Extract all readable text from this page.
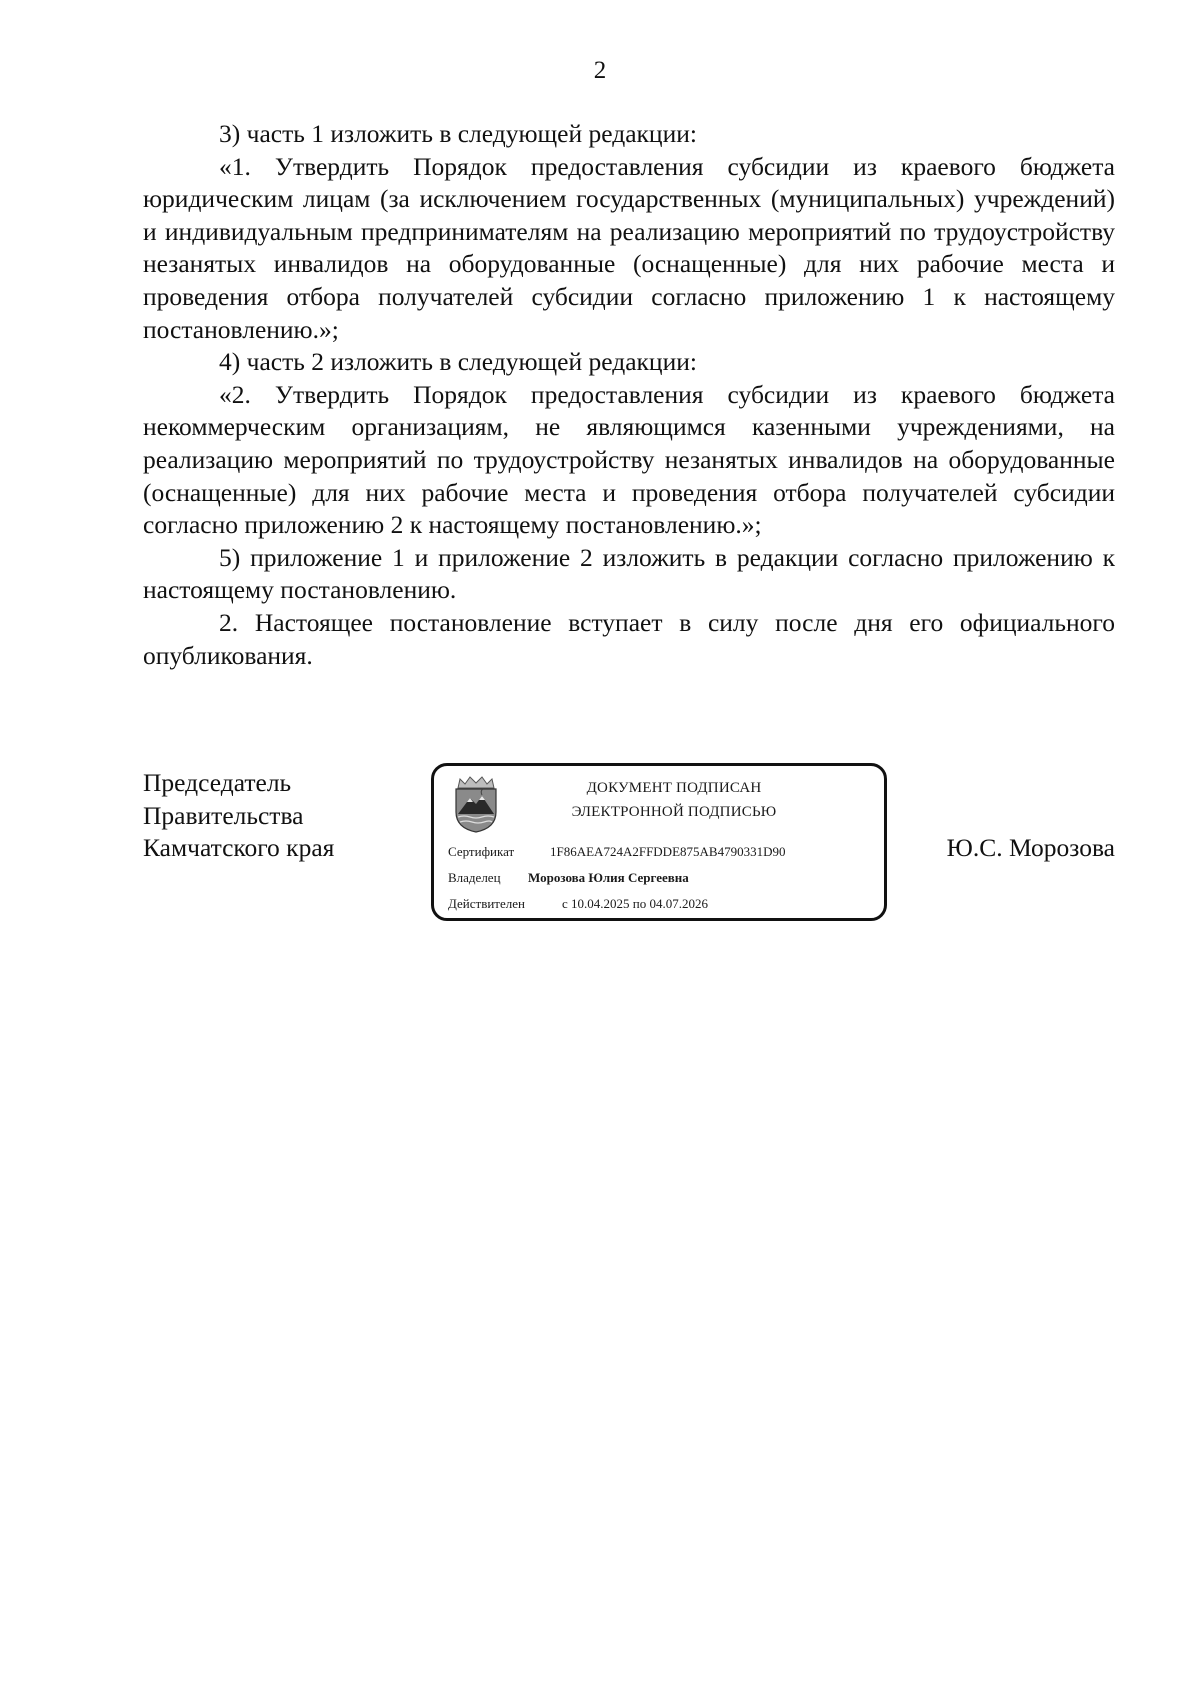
2

3) часть 1 изложить в следующей редакции:

«1. Утвердить Порядок предоставления субсидии из краевого бюджета юридическим лицам (за исключением государственных (муниципальных) учреждений) и индивидуальным предпринимателям на реализацию мероприятий по трудоустройству незанятых инвалидов на оборудованные (оснащенные) для них рабочие места и проведения отбора получателей субсидии согласно приложению 1 к настоящему постановлению.»;

4) часть 2 изложить в следующей редакции:

«2. Утвердить Порядок предоставления субсидии из краевого бюджета некоммерческим организациям, не являющимся казенными учреждениями, на реализацию мероприятий по трудоустройству незанятых инвалидов на оборудованные (оснащенные) для них рабочие места и проведения отбора получателей субсидии согласно приложению 2 к настоящему постановлению.»;

5) приложение 1 и приложение 2 изложить в редакции согласно приложению к настоящему постановлению.

2. Настоящее постановление вступает в силу после дня его официального опубликования.

Председатель
Правительства
Камчатского края
ДОКУМЕНТ ПОДПИСАН
ЭЛЕКТРОННОЙ ПОДПИСЬЮ
Сертификат	1F86AEA724A2FFDDE875AB4790331D90
Владелец Морозова Юлия Сергеевна
Действителен	с 10.04.2025 по 04.07.2026
Ю.С. Морозова
